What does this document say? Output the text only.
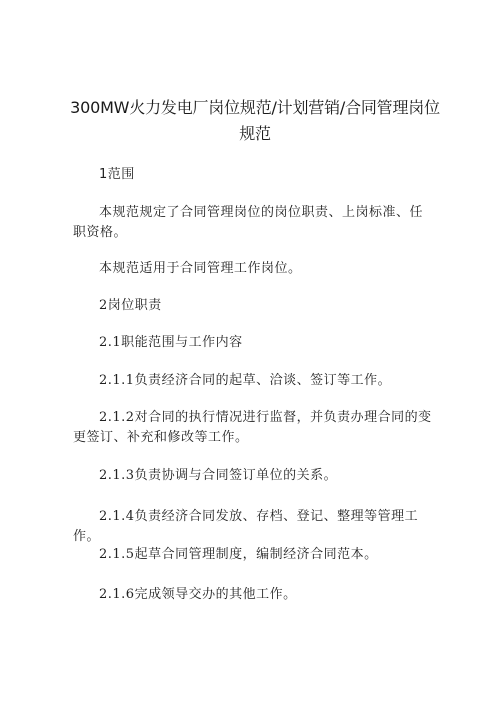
300MW火力发电厂岗位规范/计划营销/合同管理岗位规范

1范围

本规范规定了合同管理岗位的岗位职责、上岗标准、任职资格。

本规范适用于合同管理工作岗位。

2岗位职责

2.1职能范围与工作内容

2.1.1负责经济合同的起草、洽谈、签订等工作。

2.1.2对合同的执行情况进行监督，并负责办理合同的变更签订、补充和修改等工作。

2.1.3负责协调与合同签订单位的关系。

2.1.4负责经济合同发放、存档、登记、整理等管理工作。

2.1.5起草合同管理制度，编制经济合同范本。

2.1.6完成领导交办的其他工作。
